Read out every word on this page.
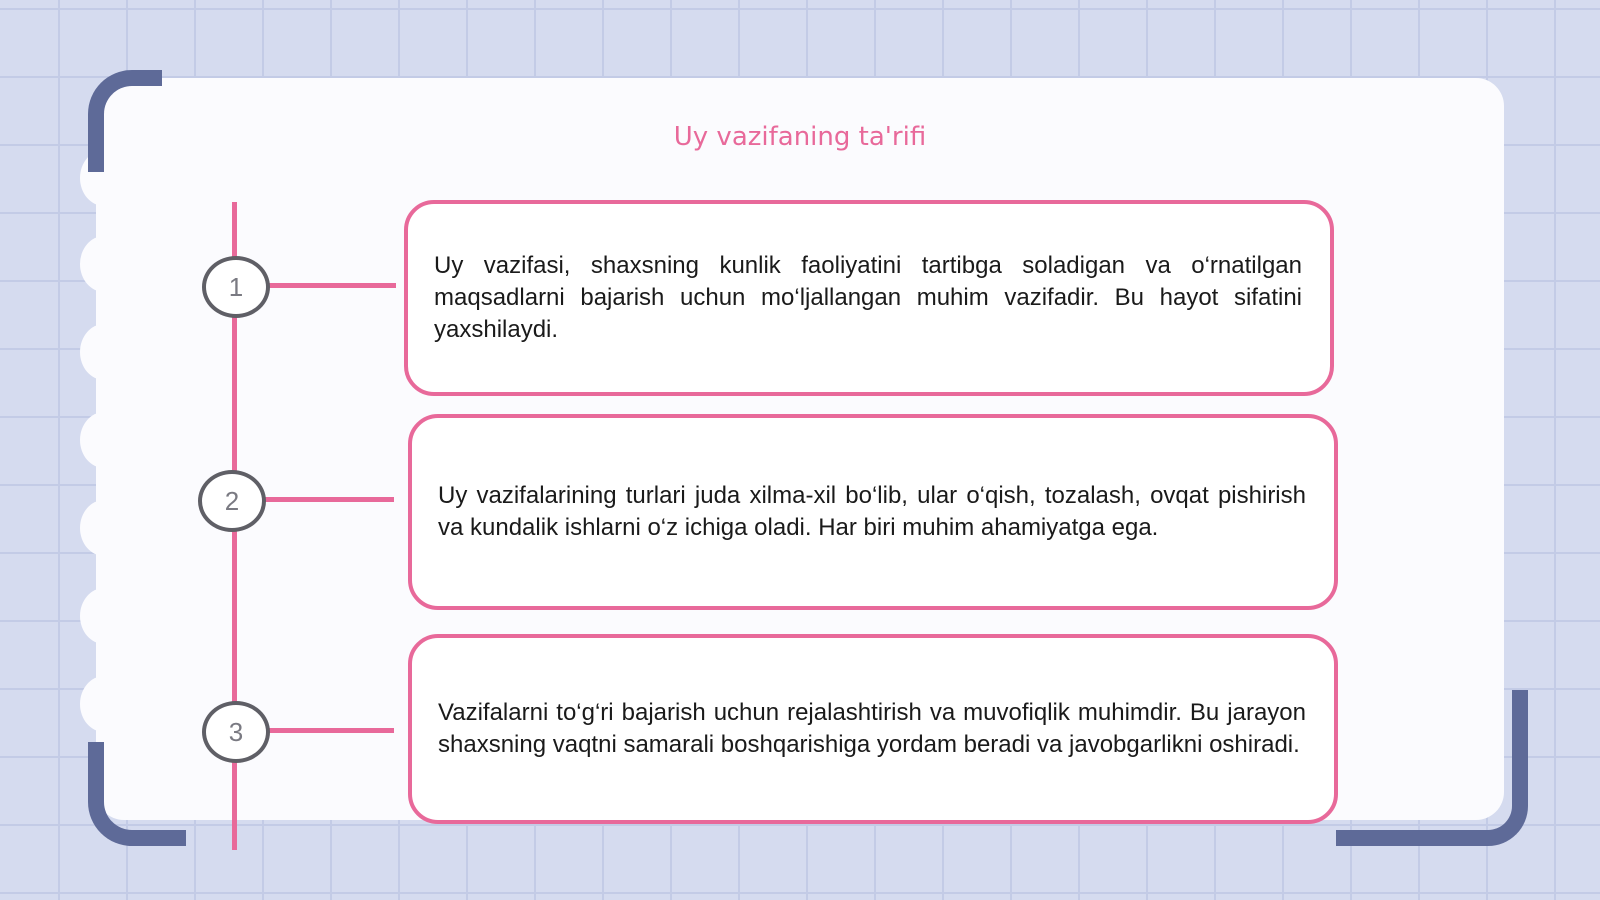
Uy vazifaning ta'rifi
1
Uy vazifasi, shaxsning kunlik faoliyatini tartibga soladigan va o‘rnatilgan maqsadlarni bajarish uchun mo‘ljallangan muhim vazifadir. Bu hayot sifatini yaxshilaydi.
2	Uy vazifalarining turlari juda xilma-xil bo‘lib, ular o‘qish, tozalash, ovqat pishirish va kundalik ishlarni o‘z ichiga oladi. Har biri muhim ahamiyatga ega.
3
Vazifalarni to‘g‘ri bajarish uchun rejalashtirish va muvofiqlik muhimdir. Bu jarayon shaxsning vaqtni samarali boshqarishiga yordam beradi va javobgarlikni oshiradi.
